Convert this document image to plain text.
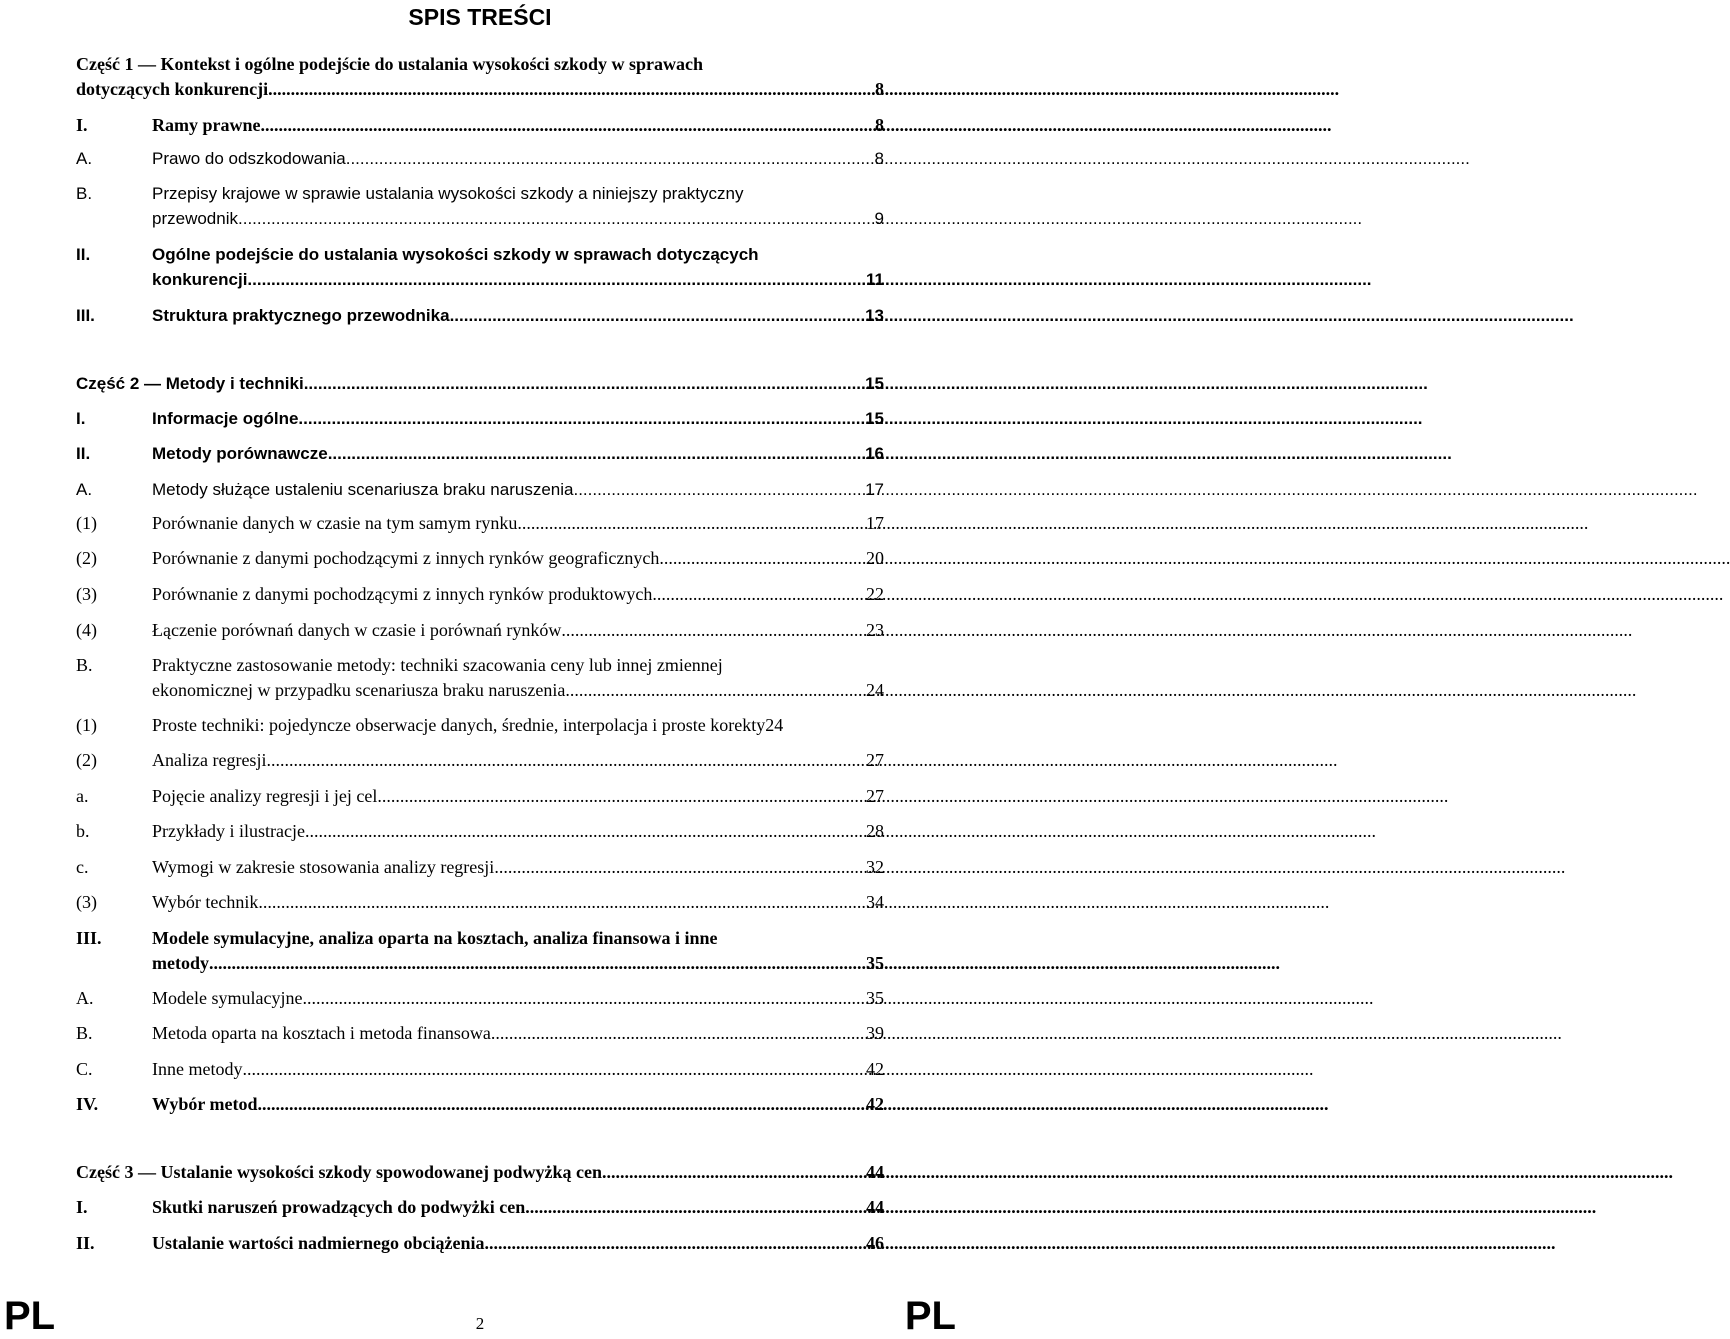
SPIS TREŚCI
Część 1 — Kontekst i ogólne podejście do ustalania wysokości szkody w sprawach
dotyczących konkurencji .....	8
I.	Ramy prawne .....	8
A.	Prawo do odszkodowania .....	8
B.	Przepisy krajowe w sprawie ustalania wysokości szkody a niniejszy praktyczny
przewodnik .....	9
II.	Ogólne podejście do ustalania wysokości szkody w sprawach dotyczących
konkurencji .....	11
III.	Struktura praktycznego przewodnika .....	13
Część 2 — Metody i techniki .....	15
I.	Informacje ogólne .....	15
II.	Metody porównawcze .....	16
A.	Metody służące ustaleniu scenariusza braku naruszenia .....	17
(1)	Porównanie danych w czasie na tym samym rynku .....	17
(2)	Porównanie z danymi pochodzącymi z innych rynków geograficznych .....	20
(3)	Porównanie z danymi pochodzącymi z innych rynków produktowych .....	22
(4)	Łączenie porównań danych w czasie i porównań rynków .....	23
B.	Praktyczne zastosowanie metody: techniki szacowania ceny lub innej zmiennej
ekonomicznej w przypadku scenariusza braku naruszenia .....	24
(1)	Proste techniki: pojedyncze obserwacje danych, średnie, interpolacja i proste korekty 24
(2)	Analiza regresji .....	27
a.	Pojęcie analizy regresji i jej cel .....	27
b.	Przykłady i ilustracje .....	28
c.	Wymogi w zakresie stosowania analizy regresji .....	32
(3)	Wybór technik .....	34
III.	Modele symulacyjne, analiza oparta na kosztach, analiza finansowa i inne
metody .....	35
A.	Modele symulacyjne .....	35
B.	Metoda oparta na kosztach i metoda finansowa .....	39
C.	Inne metody .....	42
IV.	Wybór metod .....	42
Część 3 — Ustalanie wysokości szkody spowodowanej podwyżką cen .....	44
I.	Skutki naruszeń prowadzących do podwyżki cen .....	44
II.	Ustalanie wartości nadmiernego obciążenia .....	46
PL	2	PL
